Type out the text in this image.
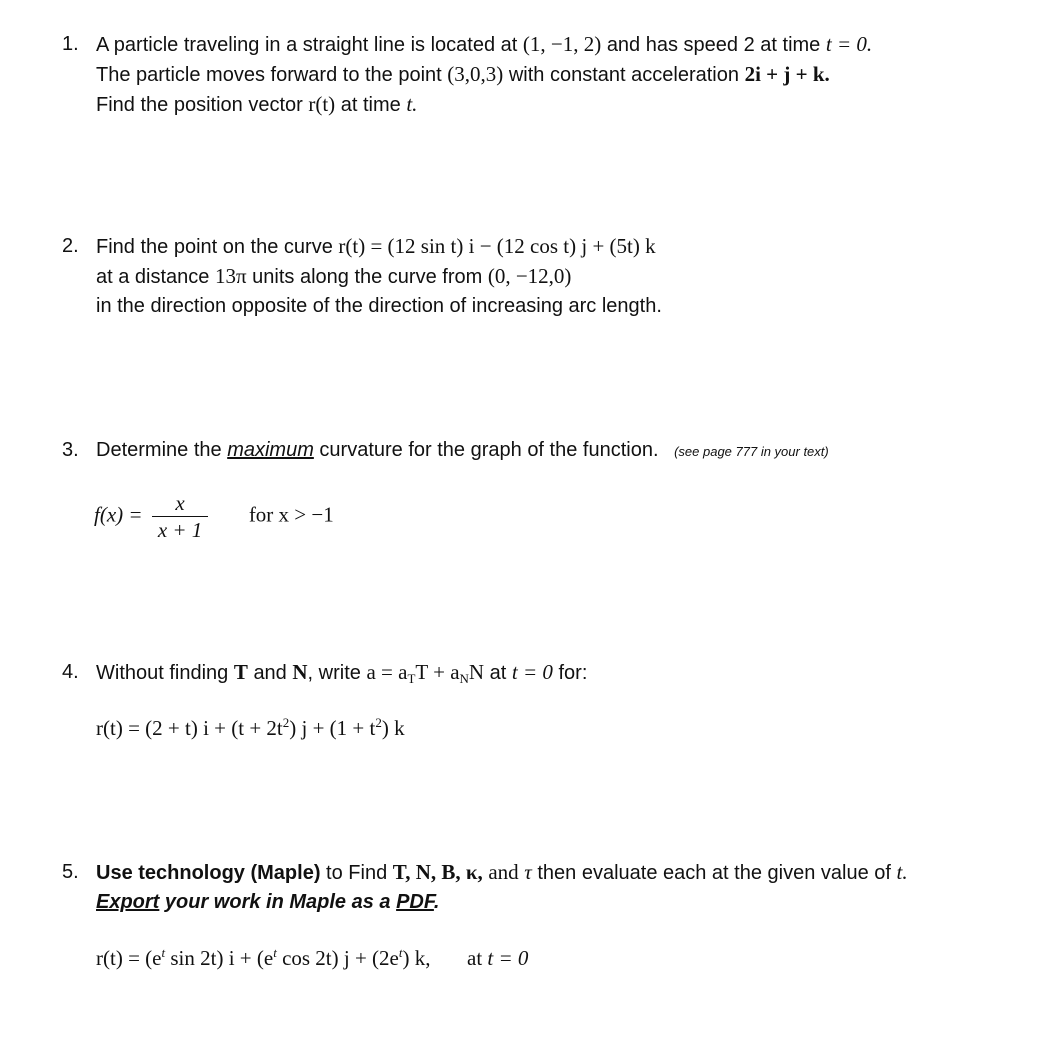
1. A particle traveling in a straight line is located at (1, −1, 2) and has speed 2 at time t = 0.
The particle moves forward to the point (3,0,3) with constant acceleration 2i + j + k.
Find the position vector r(t) at time t.
2. Find the point on the curve r(t) = (12 sin t) i − (12 cos t) j + (5t) k
at a distance 13π units along the curve from (0, −12,0)
in the direction opposite of the direction of increasing arc length.
3. Determine the maximum curvature for the graph of the function. (see page 777 in your text)
$f(x) = \frac{x}{x + 1}$ for x > −1
4. Without finding T and N, write $a = a_TT + a_NN$ at t = 0 for:
r(t) = (2 + t) $i + (t + 2t^2)$ $j + (1 + t^2)$ k
5. Use technology (Maple) to Find T, N, B, κ, and τ then evaluate each at the given value of t.
Export your work in Maple as a PDF.
$r(t) = (e^t$ sin 2t) $i + (e^t$ cos 2t) $j + (2e^t)$ k, at t = 0
